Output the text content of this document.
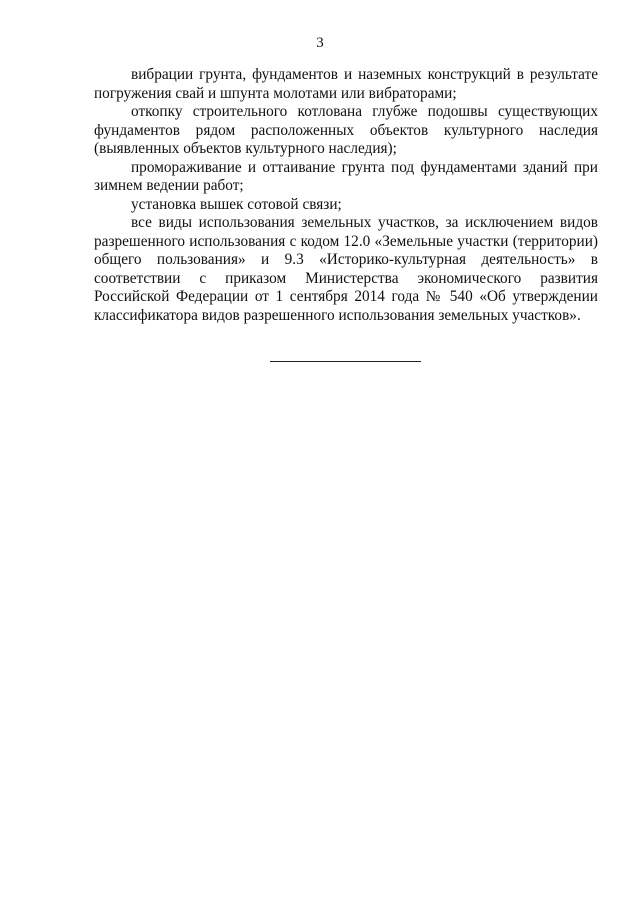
3

вибрации грунта, фундаментов и наземных конструкций в результате погружения свай и шпунта молотами или вибраторами;

откопку строительного котлована глубже подошвы существующих фундаментов рядом расположенных объектов культурного наследия (выявленных объектов культурного наследия);

промораживание и оттаивание грунта под фундаментами зданий при зимнем ведении работ;

установка вышек сотовой связи;

все виды использования земельных участков, за исключением видов разрешенного использования с кодом 12.0 «Земельные участки (территории) общего пользования» и 9.3 «Историко-культурная деятельность» в соответствии с приказом Министерства экономического развития Российской Федерации от 1 сентября 2014 года № 540 «Об утверждении классификатора видов разрешенного использования земельных участков».
